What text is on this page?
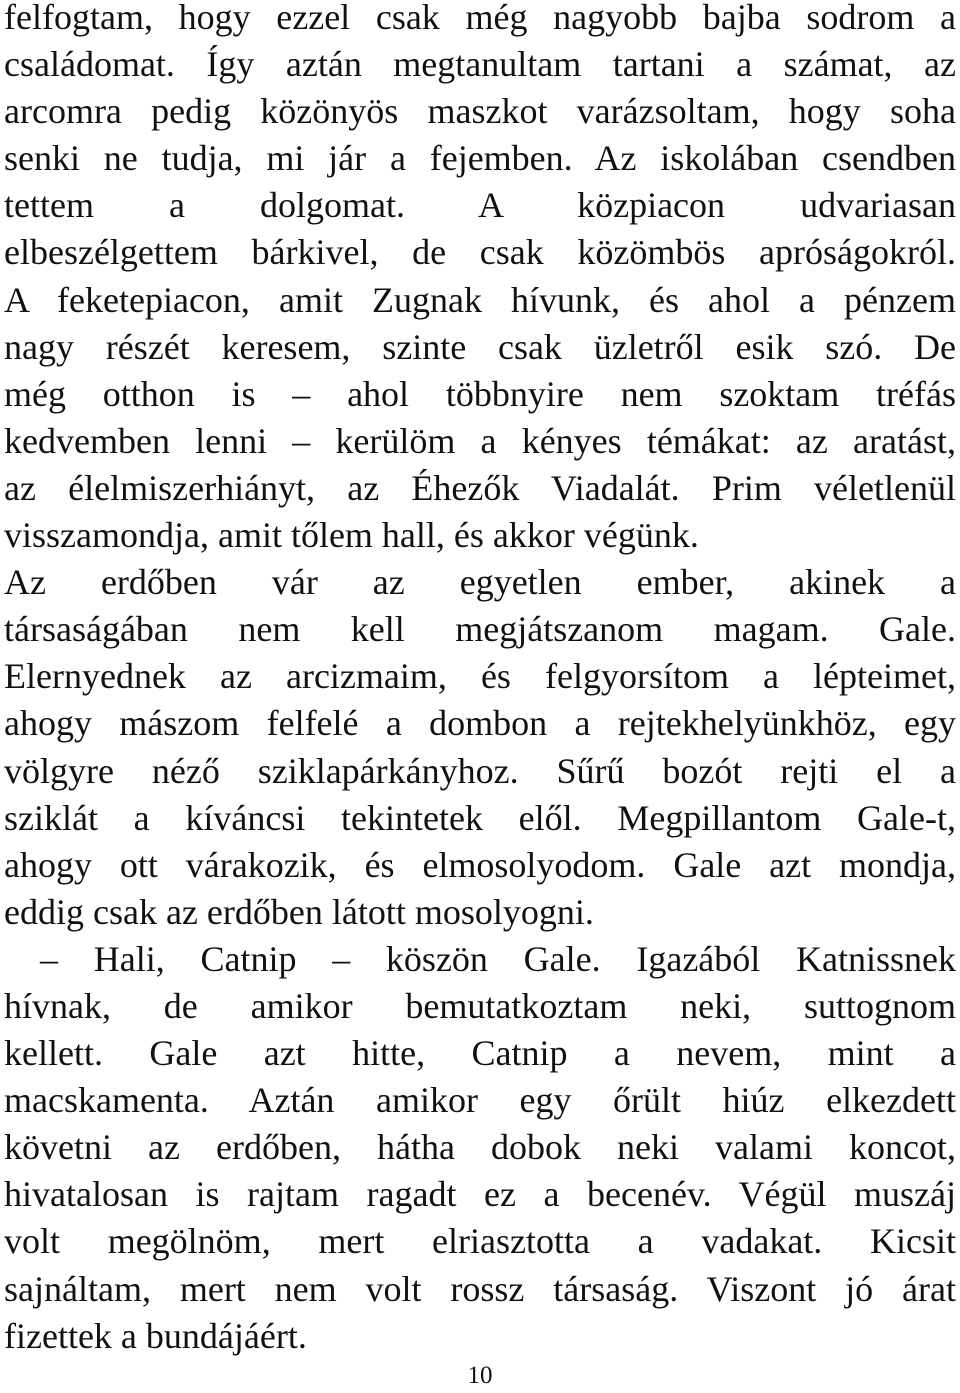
felfogtam, hogy ezzel csak még nagyobb bajba sodrom a
családomat. Így aztán megtanultam tartani a számat, az
arcomra pedig közönyös maszkot varázsoltam, hogy soha
senki ne tudja, mi jár a fejemben. Az iskolában csendben
tettem a dolgomat. A közpiacon udvariasan
elbeszélgettem bárkivel, de csak közömbös apróságokról.
A feketepiacon, amit Zugnak hívunk, és ahol a pénzem
nagy részét keresem, szinte csak üzletről esik szó. De
még otthon is – ahol többnyire nem szoktam tréfás
kedvemben lenni – kerülöm a kényes témákat: az aratást,
az élelmiszerhiányt, az Éhezők Viadalát. Prim véletlenül
visszamondja, amit tőlem hall, és akkor végünk.
Az erdőben vár az egyetlen ember, akinek a
társaságában nem kell megjátszanom magam. Gale.
Elernyednek az arcizmaim, és felgyorsítom a lépteimet,
ahogy mászom felfelé a dombon a rejtekhelyünkhöz, egy
völgyre néző sziklapárkányhoz. Sűrű bozót rejti el a
sziklát a kíváncsi tekintetek elől. Megpillantom Gale-t,
ahogy ott várakozik, és elmosolyodom. Gale azt mondja,
eddig csak az erdőben látott mosolyogni.
– Hali, Catnip – köszön Gale. Igazából Katnissnek
hívnak, de amikor bemutatkoztam neki, suttognom
kellett. Gale azt hitte, Catnip a nevem, mint a
macskamenta. Aztán amikor egy őrült hiúz elkezdett
követni az erdőben, hátha dobok neki valami koncot,
hivatalosan is rajtam ragadt ez a becenév. Végül muszáj
volt megölnöm, mert elriasztotta a vadakat. Kicsit
sajnáltam, mert nem volt rossz társaság. Viszont jó árat
fizettek a bundájáért.
10
